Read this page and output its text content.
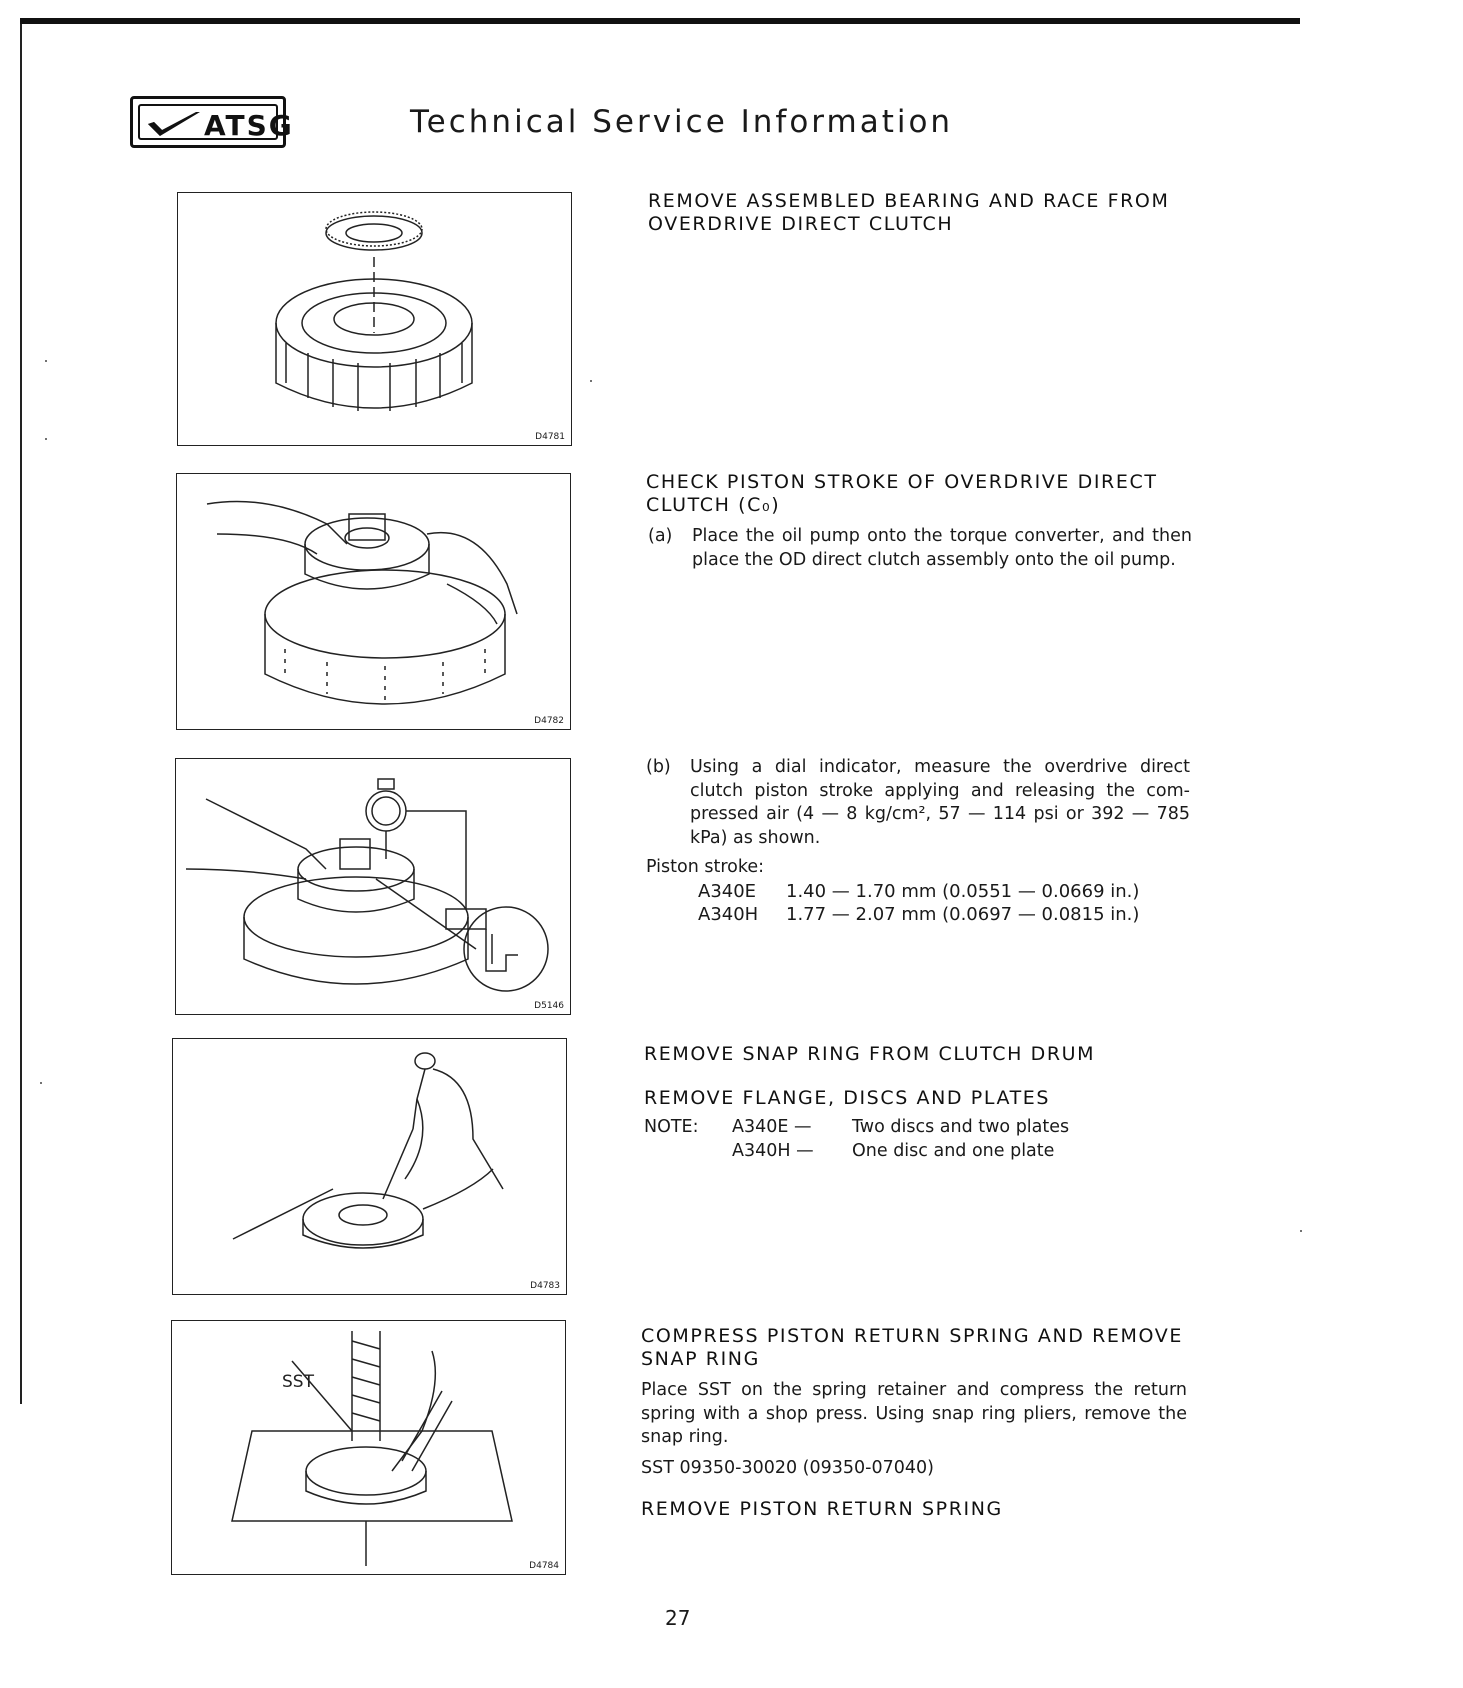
ATSG	Technical Service Information
D4781
D4782
D5146
D4783
SST
D4784
REMOVE ASSEMBLED BEARING AND RACE FROM
OVERDRIVE DIRECT CLUTCH
CHECK PISTON STROKE OF OVERDRIVE DIRECT
CLUTCH (C₀)
(a)	Place the oil pump onto the torque converter, and then place the OD direct clutch assembly onto the oil pump.
(b)	Using a dial indicator, measure the overdrive direct clutch piston stroke applying and releasing the com- pressed air (4 — 8 kg/cm², 57 — 114 psi or 392 — 785 kPa) as shown.
Piston stroke:
A340E	1.40 — 1.70 mm (0.0551 — 0.0669 in.)
A340H	1.77 — 2.07 mm (0.0697 — 0.0815 in.)
REMOVE SNAP RING FROM CLUTCH DRUM
REMOVE FLANGE, DISCS AND PLATES
NOTE:	A340E —	Two discs and two plates
A340H —	One disc and one plate
COMPRESS PISTON RETURN SPRING AND REMOVE
SNAP RING
Place SST on the spring retainer and compress the return spring with a shop press. Using snap ring pliers, remove the snap ring.
SST 09350-30020 (09350-07040)
REMOVE PISTON RETURN SPRING
27
